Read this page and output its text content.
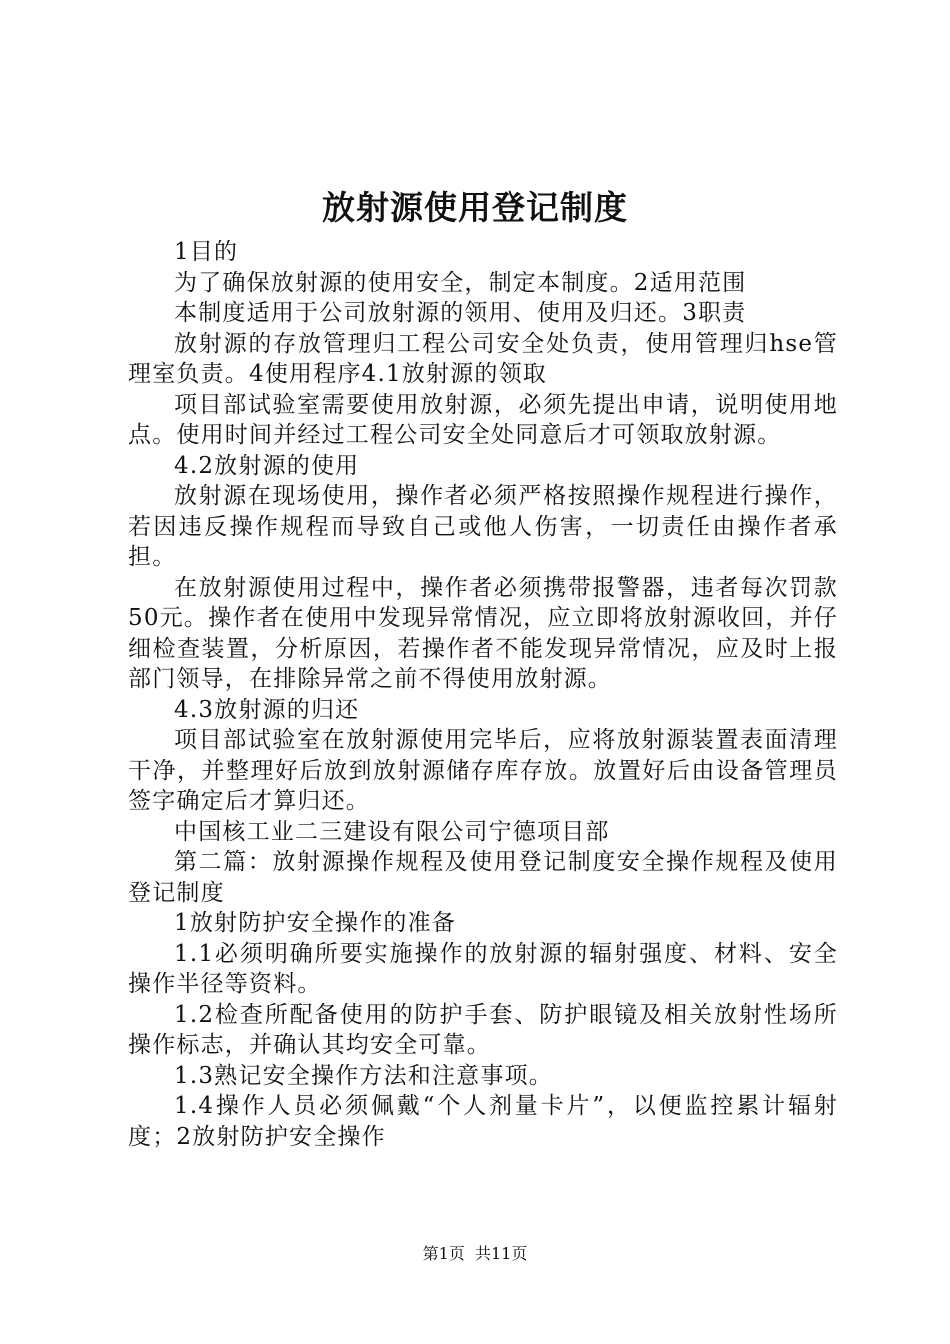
放射源使用登记制度

1目的

为了确保放射源的使用安全，制定本制度。2适用范围

本制度适用于公司放射源的领用、使用及归还。3职责

放射源的存放管理归工程公司安全处负责，使用管理归hse管理室负责。4使用程序4.1放射源的领取

项目部试验室需要使用放射源，必须先提出申请，说明使用地点。使用时间并经过工程公司安全处同意后才可领取放射源。

4.2放射源的使用

放射源在现场使用，操作者必须严格按照操作规程进行操作，若因违反操作规程而导致自己或他人伤害，一切责任由操作者承担。

在放射源使用过程中，操作者必须携带报警器，违者每次罚款50元。操作者在使用中发现异常情况，应立即将放射源收回，并仔细检查装置，分析原因，若操作者不能发现异常情况，应及时上报部门领导，在排除异常之前不得使用放射源。

4.3放射源的归还

项目部试验室在放射源使用完毕后，应将放射源装置表面清理干净，并整理好后放到放射源储存库存放。放置好后由设备管理员签字确定后才算归还。

中国核工业二三建设有限公司宁德项目部

第二篇：放射源操作规程及使用登记制度安全操作规程及使用登记制度

1放射防护安全操作的准备

1.1必须明确所要实施操作的放射源的辐射强度、材料、安全操作半径等资料。

1.2检查所配备使用的防护手套、防护眼镜及相关放射性场所操作标志，并确认其均安全可靠。

1.3熟记安全操作方法和注意事项。

1.4操作人员必须佩戴“个人剂量卡片”，以便监控累计辐射度；2放射防护安全操作

第1页  共11页
